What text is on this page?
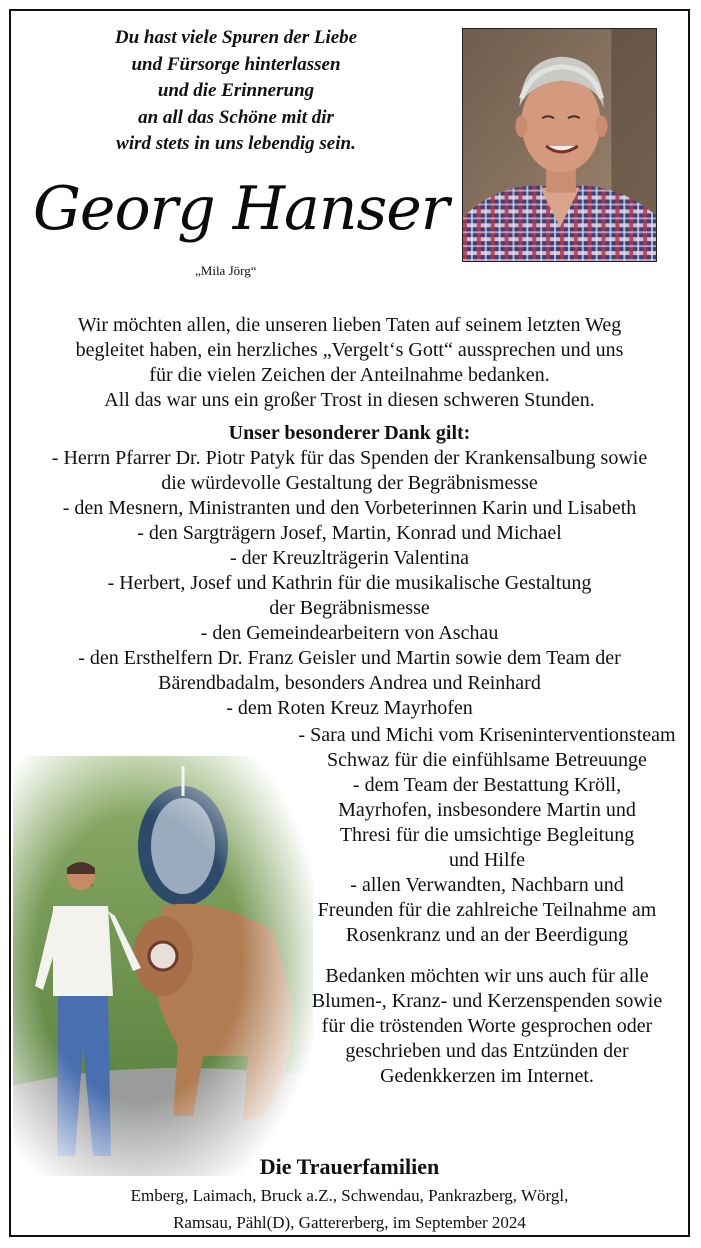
Du hast viele Spuren der Liebe
und Fürsorge hinterlassen
und die Erinnerung
an all das Schöne mit dir
wird stets in uns lebendig sein.
Georg Hanser
„Mila Jörg“
Wir möchten allen, die unseren lieben Taten auf seinem letzten Weg
begleitet haben, ein herzliches „Vergelt‘s Gott“ aussprechen und uns
für die vielen Zeichen der Anteilnahme bedanken.
All das war uns ein großer Trost in diesen schweren Stunden.
Unser besonderer Dank gilt:
- Herrn Pfarrer Dr. Piotr Patyk für das Spenden der Krankensalbung sowie
die würdevolle Gestaltung der Begräbnismesse
- den Mesnern, Ministranten und den Vorbeterinnen Karin und Lisabeth
- den Sargträgern Josef, Martin, Konrad und Michael
- der Kreuzlträgerin Valentina
- Herbert, Josef und Kathrin für die musikalische Gestaltung
der Begräbnismesse
- den Gemeindearbeitern von Aschau
- den Ersthelfern Dr. Franz Geisler und Martin sowie dem Team der
Bärendbadalm, besonders Andrea und Reinhard
- dem Roten Kreuz Mayrhofen
- Sara und Michi vom Kriseninterventionsteam
Schwaz für die einfühlsame Betreuunge
- dem Team der Bestattung Kröll,
Mayrhofen, insbesondere Martin und
Thresi für die umsichtige Begleitung
und Hilfe
- allen Verwandten, Nachbarn und
Freunden für die zahlreiche Teilnahme am
Rosenkranz und an der Beerdigung
Bedanken möchten wir uns auch für alle
Blumen-, Kranz- und Kerzenspenden sowie
für die tröstenden Worte gesprochen oder
geschrieben und das Entzünden der
Gedenkkerzen im Internet.
Die Trauerfamilien
Emberg, Laimach, Bruck a.Z., Schwendau, Pankrazberg, Wörgl,
Ramsau, Pähl(D), Gattererberg, im September 2024
